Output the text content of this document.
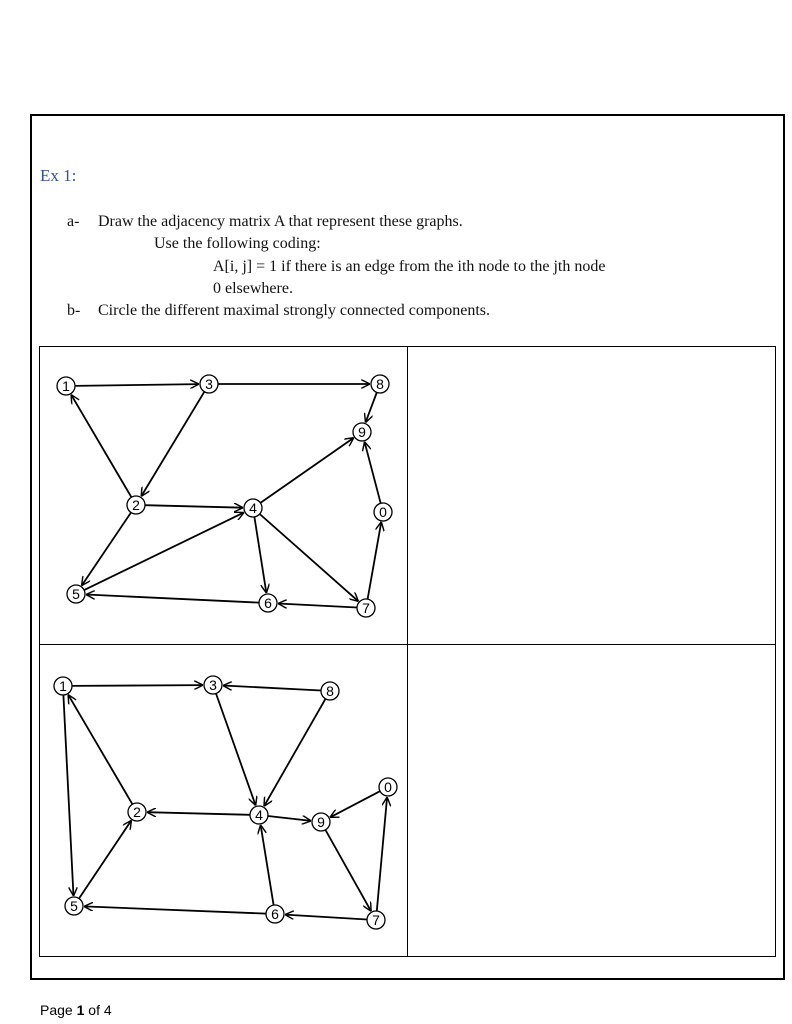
Ex 1:
a- Draw the adjacency matrix A that represent these graphs.
Use the following coding:
A[i, j] = 1 if there is an edge from the ith node to the jth node
0 elsewhere.
b- Circle the different maximal strongly connected components.
1	3	8
9
0
2	4
5
6	7
1	3	8
2	4	9
0
5	6	7
Page 1 of 4
